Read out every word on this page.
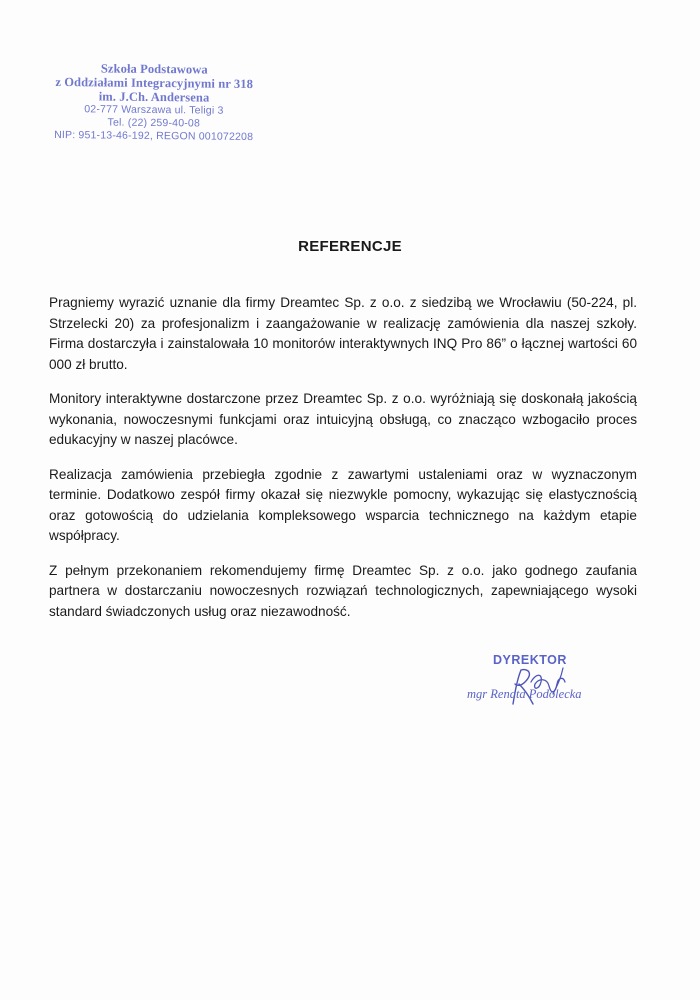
Szkoła Podstawowa
z Oddziałami Integracyjnymi nr 318
im. J.Ch. Andersena
02-777 Warszawa ul. Teligi 3
Tel. (22) 259-40-08
NIP: 951-13-46-192, REGON 001072208
REFERENCJE

Pragniemy wyrazić uznanie dla firmy Dreamtec Sp. z o.o. z siedzibą we Wrocławiu (50-224, pl. Strzelecki 20) za profesjonalizm i zaangażowanie w realizację zamówienia dla naszej szkoły. Firma dostarczyła i zainstalowała 10 monitorów interaktywnych INQ Pro 86” o łącznej wartości 60 000 zł brutto.

Monitory interaktywne dostarczone przez Dreamtec Sp. z o.o. wyróżniają się doskonałą jakością wykonania, nowoczesnymi funkcjami oraz intuicyjną obsługą, co znacząco wzbogaciło proces edukacyjny w naszej placówce.

Realizacja zamówienia przebiegła zgodnie z zawartymi ustaleniami oraz w wyznaczonym terminie. Dodatkowo zespół firmy okazał się niezwykle pomocny, wykazując się elastycznością oraz gotowością do udzielania kompleksowego wsparcia technicznego na każdym etapie współpracy.

Z pełnym przekonaniem rekomendujemy firmę Dreamtec Sp. z o.o. jako godnego zaufania partnera w dostarczaniu nowoczesnych rozwiązań technologicznych, zapewniającego wysoki standard świadczonych usług oraz niezawodność.

DYREKTOR
mgr Renata Podolecka
